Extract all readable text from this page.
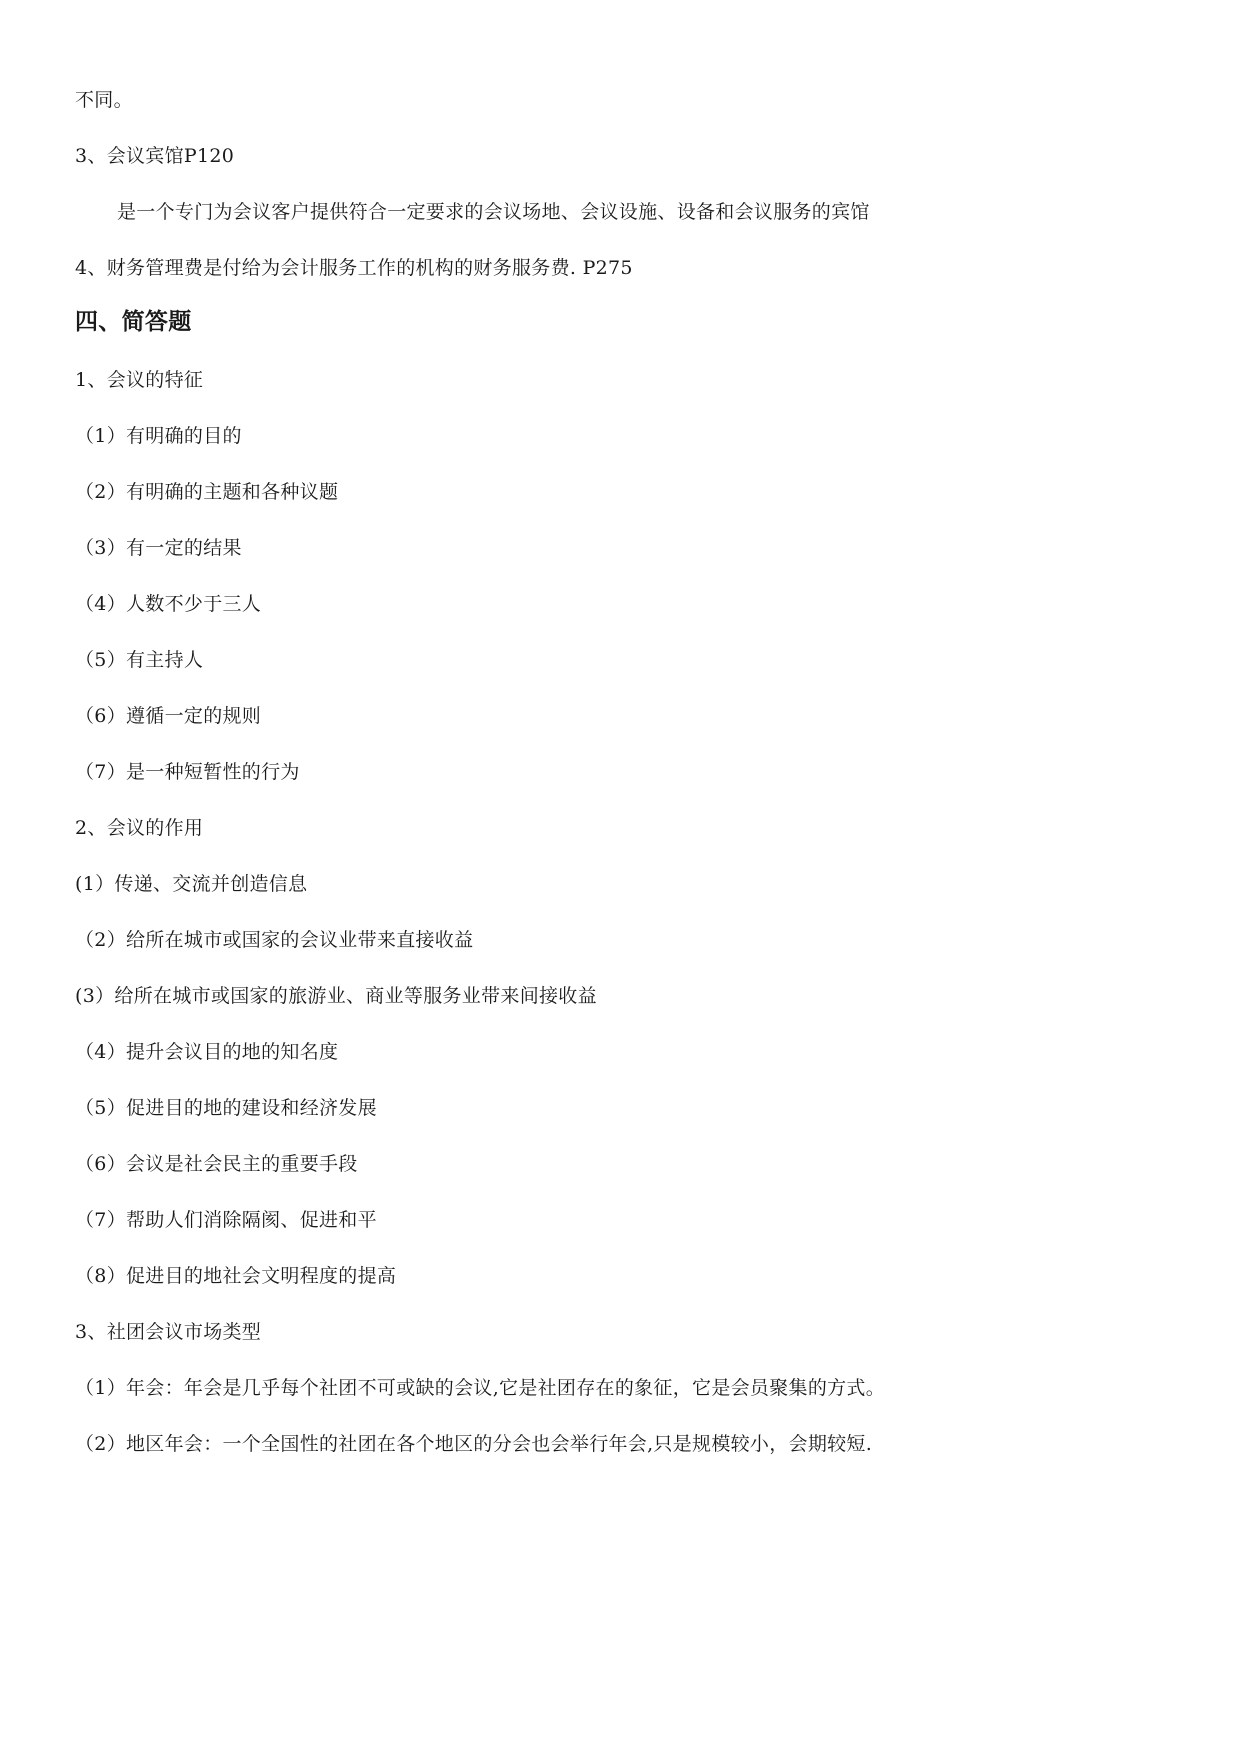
不同。
3、会议宾馆P120
是一个专门为会议客户提供符合一定要求的会议场地、会议设施、设备和会议服务的宾馆
4、财务管理费是付给为会计服务工作的机构的财务服务费. P275
四、简答题
1、会议的特征
（1）有明确的目的
（2）有明确的主题和各种议题
（3）有一定的结果
（4）人数不少于三人
（5）有主持人
（6）遵循一定的规则
（7）是一种短暂性的行为
2、会议的作用
(1）传递、交流并创造信息
（2）给所在城市或国家的会议业带来直接收益
(3）给所在城市或国家的旅游业、商业等服务业带来间接收益
（4）提升会议目的地的知名度
（5）促进目的地的建设和经济发展
（6）会议是社会民主的重要手段
（7）帮助人们消除隔阂、促进和平
（8）促进目的地社会文明程度的提高
3、社团会议市场类型
（1）年会：年会是几乎每个社团不可或缺的会议,它是社团存在的象征，它是会员聚集的方式。
（2）地区年会：一个全国性的社团在各个地区的分会也会举行年会,只是规模较小，会期较短.
